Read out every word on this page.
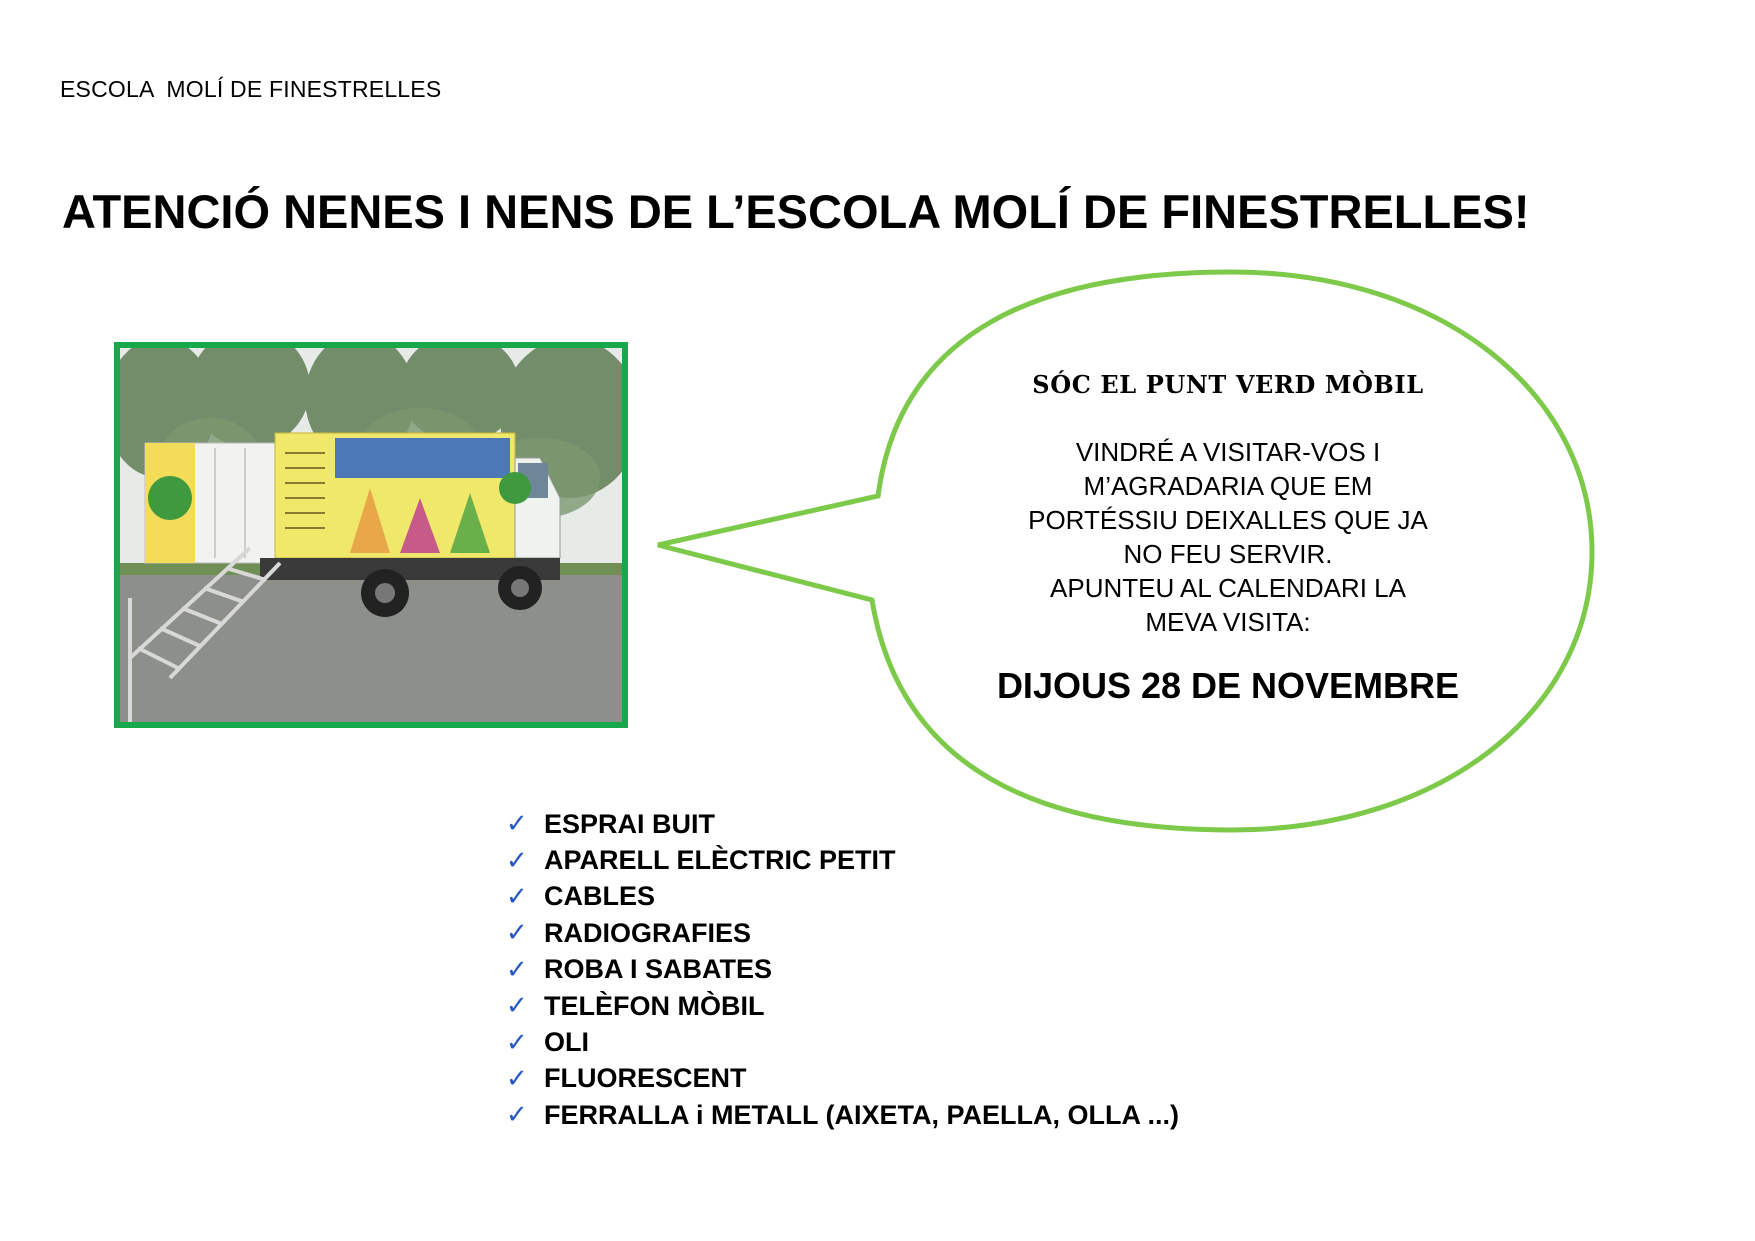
ESCOLA  MOLÍ DE FINESTRELLES
ATENCIÓ NENES I NENS DE L’ESCOLA MOLÍ DE FINESTRELLES!
SÓC EL PUNT VERD MÒBIL
VINDRÉ A VISITAR-VOS I
M’AGRADARIA QUE EM
PORTÉSSIU DEIXALLES QUE JA
NO FEU SERVIR.
APUNTEU AL CALENDARI LA
MEVA VISITA:
DIJOUS 28 DE NOVEMBRE
✓ ESPRAI BUIT
✓ APARELL ELÈCTRIC PETIT
✓ CABLES
✓ RADIOGRAFIES
✓ ROBA I SABATES
✓ TELÈFON MÒBIL
✓ OLI
✓ FLUORESCENT
✓ FERRALLA i METALL (AIXETA, PAELLA, OLLA ...)
